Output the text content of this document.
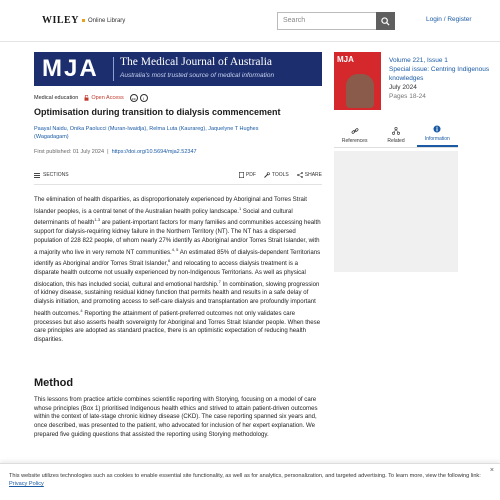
WILEY Online Library	Search	Login / Register
MJA The Medical Journal of Australia
Australia's most trusted source of medical information
MJA	Volume 221, Issue 1
Special issue: Centring Indigenous knowledges
July 2024
Pages 18-24
Medical education Open Access	cc	i
Optimisation during transition to dialysis commencement
Paayal Naidu, Onika Paolucci (Muran-Iwaidja), Relma Luta (Kaurareg), Jaquelyne T Hughes (Wagadagam)
First published: 01 July 2024  |  https://doi.org/10.5694/mja2.52347
SECTIONS	PDF	TOOLS	SHARE
References	Related	Information
The elimination of health disparities, as disproportionately experienced by Aboriginal and Torres Strait Islander peoples, is a central tenet of the Australian health policy landscape.$^1$ Social and cultural determinants of health$^{1-3}$ are patient-important factors for many families and communities accessing health support for dialysis-requiring kidney failure in the Northern Territory (NT). The NT has a dispersed population of 228 822 people, of whom nearly 27% identify as Aboriginal and/or Torres Strait Islander, with a majority who live in very remote NT communities.$^{4, 5}$ An estimated 85% of dialysis-dependent Territorians identify as Aboriginal and/or Torres Strait Islander,$^6$ and relocating to access dialysis treatment is a disparate health outcome not usually experienced by non-Indigenous Territorians. As well as physical dislocation, this has included social, cultural and emotional hardship.$^7$ In combination, slowing progression of kidney disease, sustaining residual kidney function that permits health and results in a safe delay of dialysis initiation, and promoting access to self-care dialysis and transplantation are profoundly important health outcomes.$^4$ Reporting the attainment of patient-preferred outcomes not only validates care processes but also asserts health sovereignty for Aboriginal and Torres Strait Islander people. When these care principles are adopted as standard practice, there is an optimistic expectation of reducing health disparities.
Method
This lessons from practice article combines scientific reporting with Storying, focusing on a model of care whose principles (Box 1) prioritised Indigenous health ethics and strived to attain patient-driven outcomes within the context of late-stage chronic kidney disease (CKD). The case reporting spanned six years and, once described, was presented to the patient, who advocated for inclusion of her expert explanation. We prepared five guiding questions that assisted the reporting using Storying methodology.
This website utilizes technologies such as cookies to enable essential site functionality, as well as for analytics, personalization, and targeted advertising. To learn more, view the following link: Privacy Policy
×
